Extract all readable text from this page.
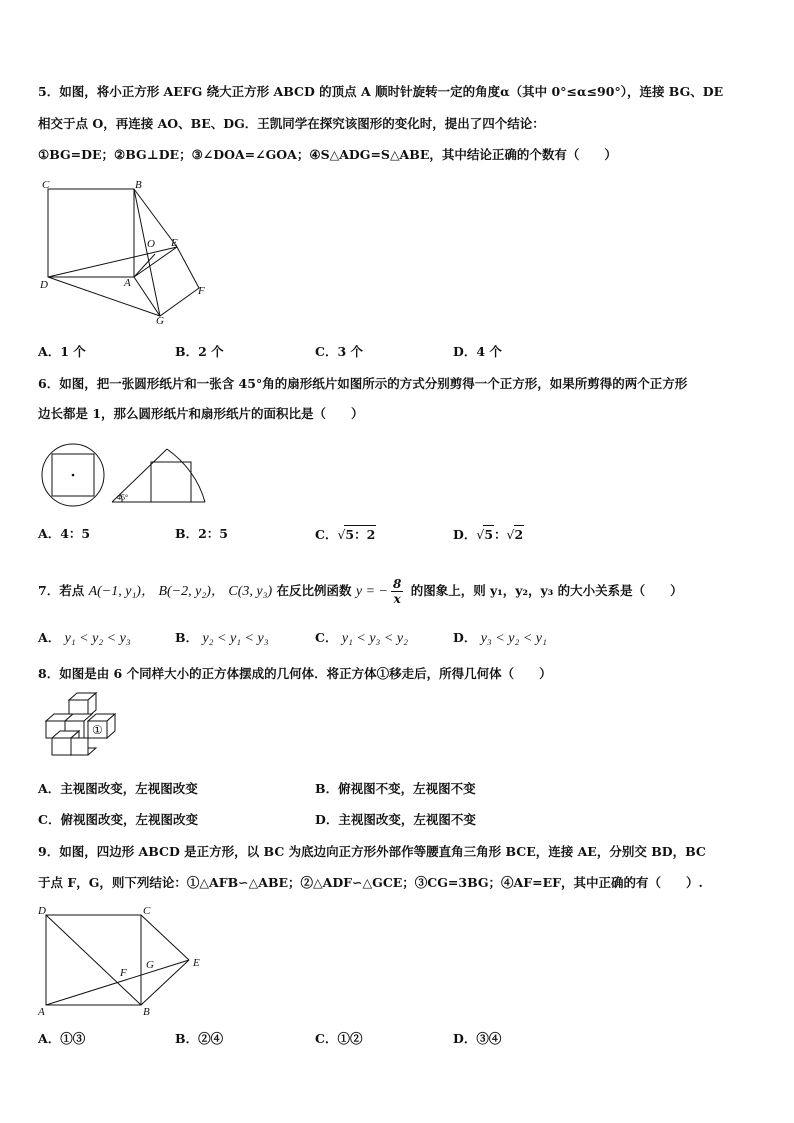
5．如图，将小正方形 AEFG 绕大正方形 ABCD 的顶点 A 顺时针旋转一定的角度α（其中 0°≤α≤90°），连接 BG、DE
相交于点 O，再连接 AO、BE、DG．王凯同学在探究该图形的变化时，提出了四个结论：
①BG=DE；②BG⊥DE；③∠DOA=∠GOA；④S△ADG=S△ABE，其中结论正确的个数有（　　）
C	B
O E
D	A
F
G
A．1 个	B．2 个	C．3 个	D．4 个
6．如图，把一张圆形纸片和一张含 45°角的扇形纸片如图所示的方式分别剪得一个正方形，如果所剪得的两个正方形
边长都是 1，那么圆形纸片和扇形纸片的面积比是（　　）
45°
A．4：5	B．2：5	C．√5：2	D．√5：√2
7．若点 A(−1, y₁)， B(−2, y₂)， C(3, y₃) 在反比例函数 y = − $\frac{8}{x}$ 的图象上，则 y₁，y₂，y₃ 的大小关系是（　　）
A． y₁ < y₂ < y₃	B． y₂ < y₁ < y₃	C． y₁ < y₃ < y₂	D． y₃ < y₂ < y₁
8．如图是由 6 个同样大小的正方体摆成的几何体．将正方体①移走后，所得几何体（　　）
①
A．主视图改变，左视图改变	B．俯视图不变，左视图不变
C．俯视图改变，左视图改变	D．主视图改变，左视图不变
9．如图，四边形 ABCD 是正方形，以 BC 为底边向正方形外部作等腰直角三角形 BCE，连接 AE，分别交 BD，BC
于点 F，G，则下列结论：①△AFB∽△ABE；②△ADF∽△GCE；③CG=3BG；④AF=EF，其中正确的有（　　）.
D	C
F
G	E
A	B
A．①③	B．②④	C．①②	D．③④
